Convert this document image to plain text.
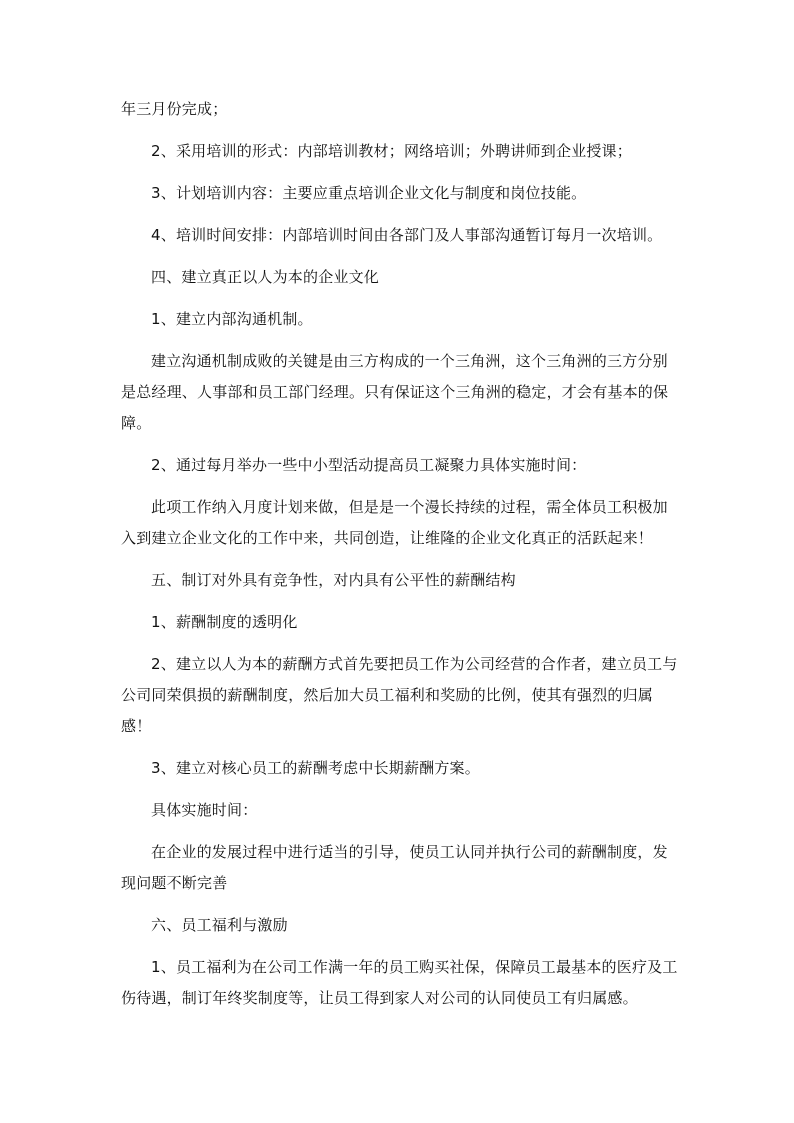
年三月份完成；

2、采用培训的形式：内部培训教材；网络培训；外聘讲师到企业授课；

3、计划培训内容：主要应重点培训企业文化与制度和岗位技能。

4、培训时间安排：内部培训时间由各部门及人事部沟通暂订每月一次培训。

四、建立真正以人为本的企业文化

1、建立内部沟通机制。

建立沟通机制成败的关键是由三方构成的一个三角洲，这个三角洲的三方分别是总经理、人事部和员工部门经理。只有保证这个三角洲的稳定，才会有基本的保障。

2、通过每月举办一些中小型活动提高员工凝聚力具体实施时间：

此项工作纳入月度计划来做，但是是一个漫长持续的过程，需全体员工积极加入到建立企业文化的工作中来，共同创造，让维隆的企业文化真正的活跃起来！

五、制订对外具有竞争性，对内具有公平性的薪酬结构

1、薪酬制度的透明化

2、建立以人为本的薪酬方式首先要把员工作为公司经营的合作者，建立员工与公司同荣俱损的薪酬制度，然后加大员工福利和奖励的比例，使其有强烈的归属感！

3、建立对核心员工的薪酬考虑中长期薪酬方案。

具体实施时间：

在企业的发展过程中进行适当的引导，使员工认同并执行公司的薪酬制度，发现问题不断完善

六、员工福利与激励

1、员工福利为在公司工作满一年的员工购买社保，保障员工最基本的医疗及工伤待遇，制订年终奖制度等，让员工得到家人对公司的认同使员工有归属感。
